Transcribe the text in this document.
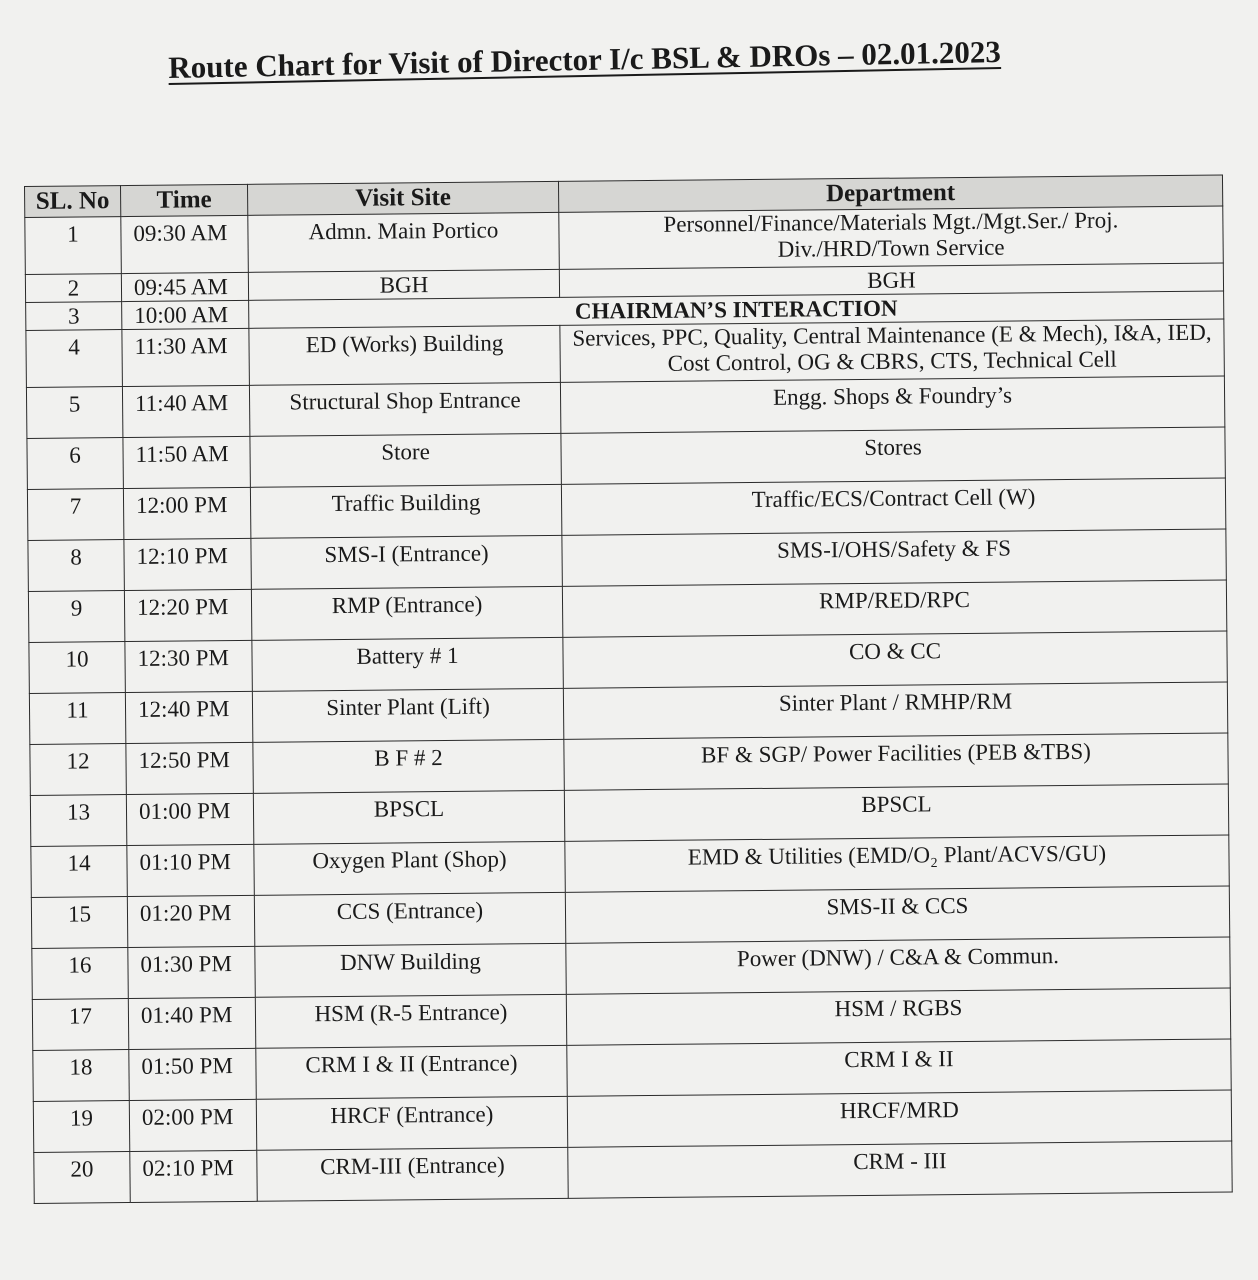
Route Chart for Visit of Director I/c BSL & DROs – 02.01.2023
SL. No	Time	Visit Site	Department
1	09:30 AM	Admn. Main Portico	Personnel/Finance/Materials Mgt./Mgt.Ser./ Proj. Div./HRD/Town Service
2	09:45 AM	BGH	BGH
3	10:00 AM	CHAIRMAN’S INTERACTION	
4	11:30 AM	ED (Works) Building	Services, PPC, Quality, Central Maintenance (E & Mech), I&A, IED, Cost Control, OG & CBRS, CTS, Technical Cell
5	11:40 AM	Structural Shop Entrance	Engg. Shops & Foundry’s
6	11:50 AM	Store	Stores
7	12:00 PM	Traffic Building	Traffic/ECS/Contract Cell (W)
8	12:10 PM	SMS-I (Entrance)	SMS-I/OHS/Safety & FS
9	12:20 PM	RMP (Entrance)	RMP/RED/RPC
10	12:30 PM	Battery # 1	CO & CC
11	12:40 PM	Sinter Plant (Lift)	Sinter Plant / RMHP/RM
12	12:50 PM	B F # 2	BF & SGP/ Power Facilities (PEB &TBS)
13	01:00 PM	BPSCL	BPSCL
14	01:10 PM	Oxygen Plant (Shop)	EMD & Utilities (EMD/O₂ Plant/ACVS/GU)
15	01:20 PM	CCS (Entrance)	SMS-II & CCS
16	01:30 PM	DNW Building	Power (DNW) / C&A & Commun.
17	01:40 PM	HSM (R-5 Entrance)	HSM / RGBS
18	01:50 PM	CRM I & II (Entrance)	CRM I & II
19	02:00 PM	HRCF (Entrance)	HRCF/MRD
20	02:10 PM	CRM-III (Entrance)	CRM - III
